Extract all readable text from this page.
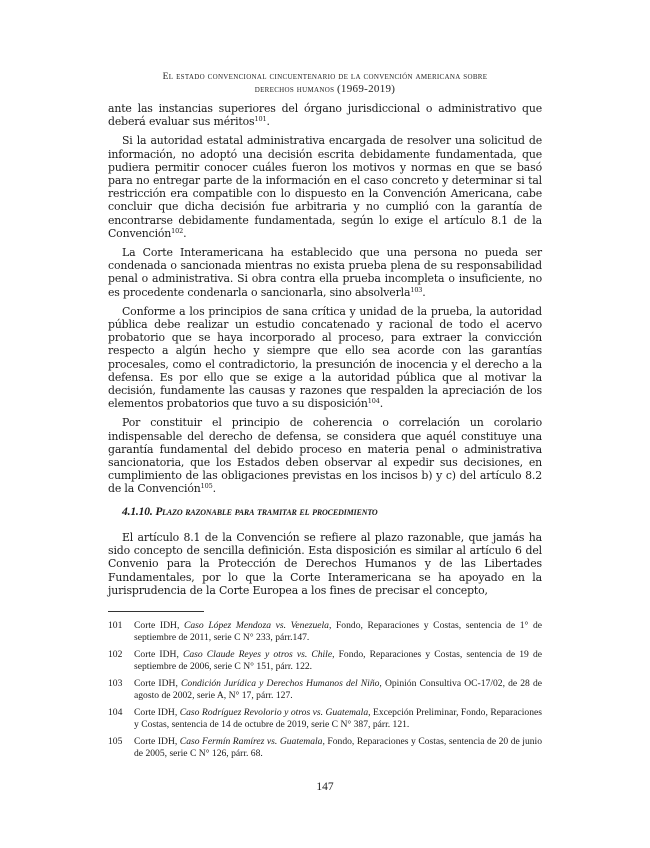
El estado convencional cincuentenario de la convención americana sobre
derechos humanos (1969-2019)

ante las instancias superiores del órgano jurisdiccional o administrativo que deberá evaluar sus méritos$^{101}$.

Si la autoridad estatal administrativa encargada de resolver una solicitud de información, no adoptó una decisión escrita debidamente fundamentada, que pudiera permitir conocer cuáles fueron los motivos y normas en que se basó para no entregar parte de la información en el caso concreto y determinar si tal restricción era compatible con lo dispuesto en la Convención Americana, cabe concluir que dicha decisión fue arbitraria y no cumplió con la garantía de encontrarse debidamente fundamentada, según lo exige el artículo 8.1 de la Convención$^{102}$.

La Corte Interamericana ha establecido que una persona no pueda ser condenada o sancionada mientras no exista prueba plena de su responsabilidad penal o administrativa. Si obra contra ella prueba incompleta o insuficiente, no es procedente condenarla o sancionarla, sino absolverla$^{103}$.

Conforme a los principios de sana crítica y unidad de la prueba, la autoridad pública debe realizar un estudio concatenado y racional de todo el acervo probatorio que se haya incorporado al proceso, para extraer la convicción respecto a algún hecho y siempre que ello sea acorde con las garantías procesales, como el contradictorio, la presunción de inocencia y el derecho a la defensa. Es por ello que se exige a la autoridad pública que al motivar la decisión, fundamente las causas y razones que respalden la apreciación de los elementos probatorios que tuvo a su disposición$^{104}$.

Por constituir el principio de coherencia o correlación un corolario indispensable del derecho de defensa, se considera que aquél constituye una garantía fundamental del debido proceso en materia penal o administrativa sancionatoria, que los Estados deben observar al expedir sus decisiones, en cumplimiento de las obligaciones previstas en los incisos b) y c) del artículo 8.2 de la Convención$^{105}$.

4.1.10. Plazo razonable para tramitar el procedimiento

El artículo 8.1 de la Convención se refiere al plazo razonable, que jamás ha sido concepto de sencilla definición. Esta disposición es similar al artículo 6 del Convenio para la Protección de Derechos Humanos y de las Libertades Fundamentales, por lo que la Corte Interamericana se ha apoyado en la jurisprudencia de la Corte Europea a los fines de precisar el concepto,

101	Corte IDH, Caso López Mendoza vs. Venezuela, Fondo, Reparaciones y Costas, sentencia de 1° de septiembre de 2011, serie C N° 233, párr.147.
102	Corte IDH, Caso Claude Reyes y otros vs. Chile, Fondo, Reparaciones y Costas, sentencia de 19 de septiembre de 2006, serie C N° 151, párr. 122.
103	Corte IDH, Condición Jurídica y Derechos Humanos del Niño, Opinión Consultiva OC-17/02, de 28 de agosto de 2002, serie A, N° 17, párr. 127.
104	Corte IDH, Caso Rodríguez Revolorio y otros vs. Guatemala, Excepción Preliminar, Fondo, Reparaciones y Costas, sentencia de 14 de octubre de 2019, serie C N° 387, párr. 121.
105	Corte IDH, Caso Fermín Ramírez vs. Guatemala, Fondo, Reparaciones y Costas, sentencia de 20 de junio de 2005, serie C N° 126, párr. 68.
147
